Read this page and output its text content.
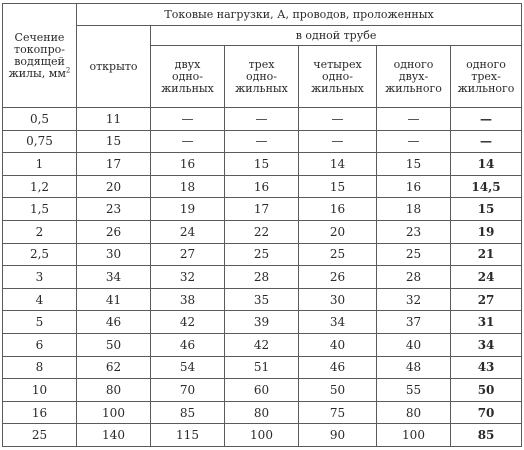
Сечение
токопро-
водящей
жилы, $мм^2$	Токовые нагрузки, А, проводов, проложенных					
	открыто	в одной трубе				
		двух
одно-
жильных	трех
одно-
жильных	четырех
одно-
жильных	одного
двух-
жильного	одного
трех-
жильного
0,5	11	—	—	—	—	—
0,75	15	—	—	—	—	—
1	17	16	15	14	15	14
1,2	20	18	16	15	16	14,5
1,5	23	19	17	16	18	15
2	26	24	22	20	23	19
2,5	30	27	25	25	25	21
3	34	32	28	26	28	24
4	41	38	35	30	32	27
5	46	42	39	34	37	31
6	50	46	42	40	40	34
8	62	54	51	46	48	43
10	80	70	60	50	55	50
16	100	85	80	75	80	70
25	140	115	100	90	100	85
